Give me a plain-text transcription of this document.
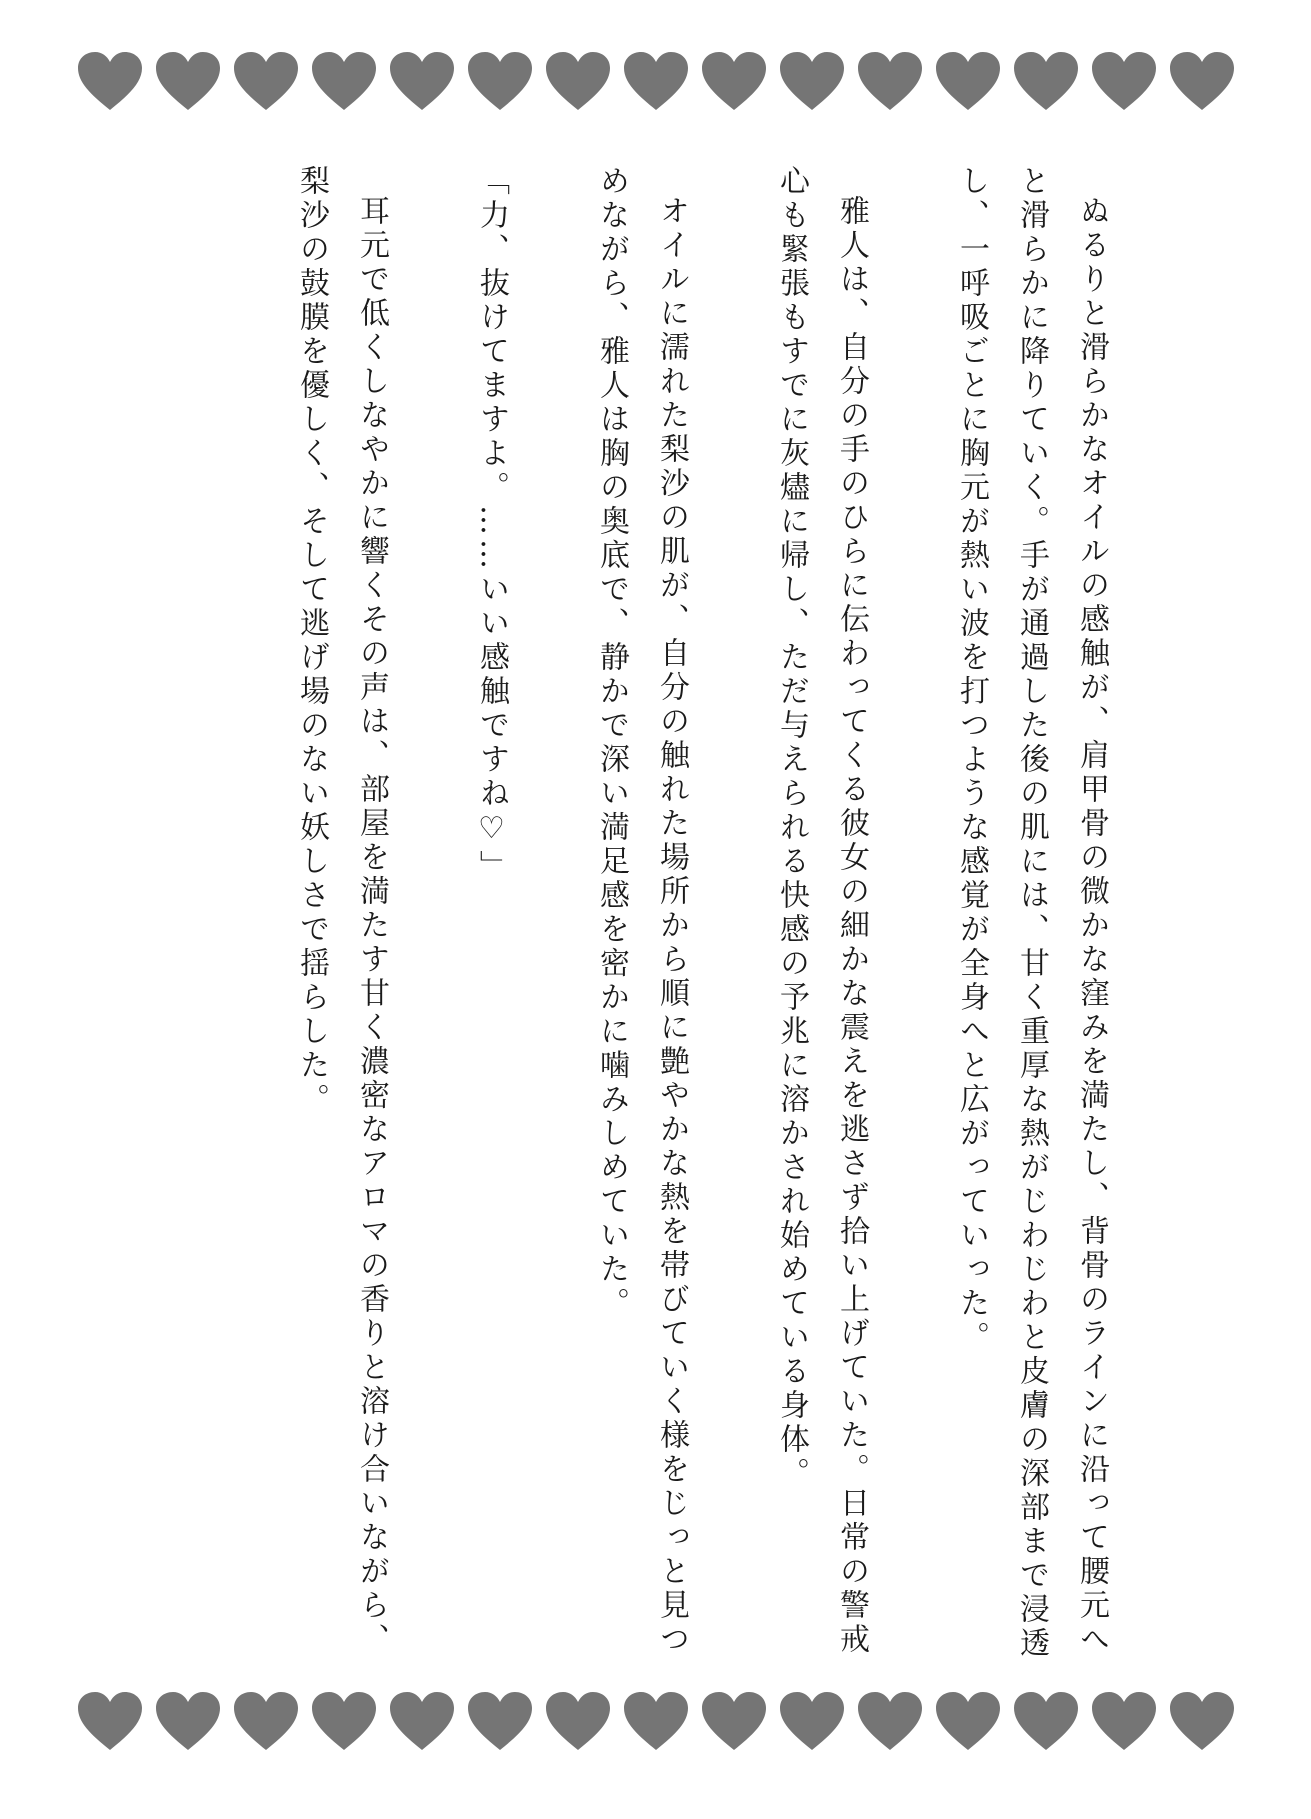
ぬるりと滑らかなオイルの感触が、肩甲骨の微かな窪みを満たし、背骨のラインに沿って腰元へと滑らかに降りていく。手が通過した後の肌には、甘く重厚な熱がじわじわと皮膚の深部まで浸透し、一呼吸ごとに胸元が熱い波を打つような感覚が全身へと広がっていった。

雅人は、自分の手のひらに伝わってくる彼女の細かな震えを逃さず拾い上げていた。日常の警戒心も緊張もすでに灰燼に帰し、ただ与えられる快感の予兆に溶かされ始めている身体。

オイルに濡れた梨沙の肌が、自分の触れた場所から順に艶やかな熱を帯びていく様をじっと見つめながら、雅人は胸の奥底で、静かで深い満足感を密かに噛みしめていた。

「力、抜けてますよ。……いい感触ですね♡」

耳元で低くしなやかに響くその声は、部屋を満たす甘く濃密なアロマの香りと溶け合いながら、梨沙の鼓膜を優しく、そして逃げ場のない妖しさで揺らした。
